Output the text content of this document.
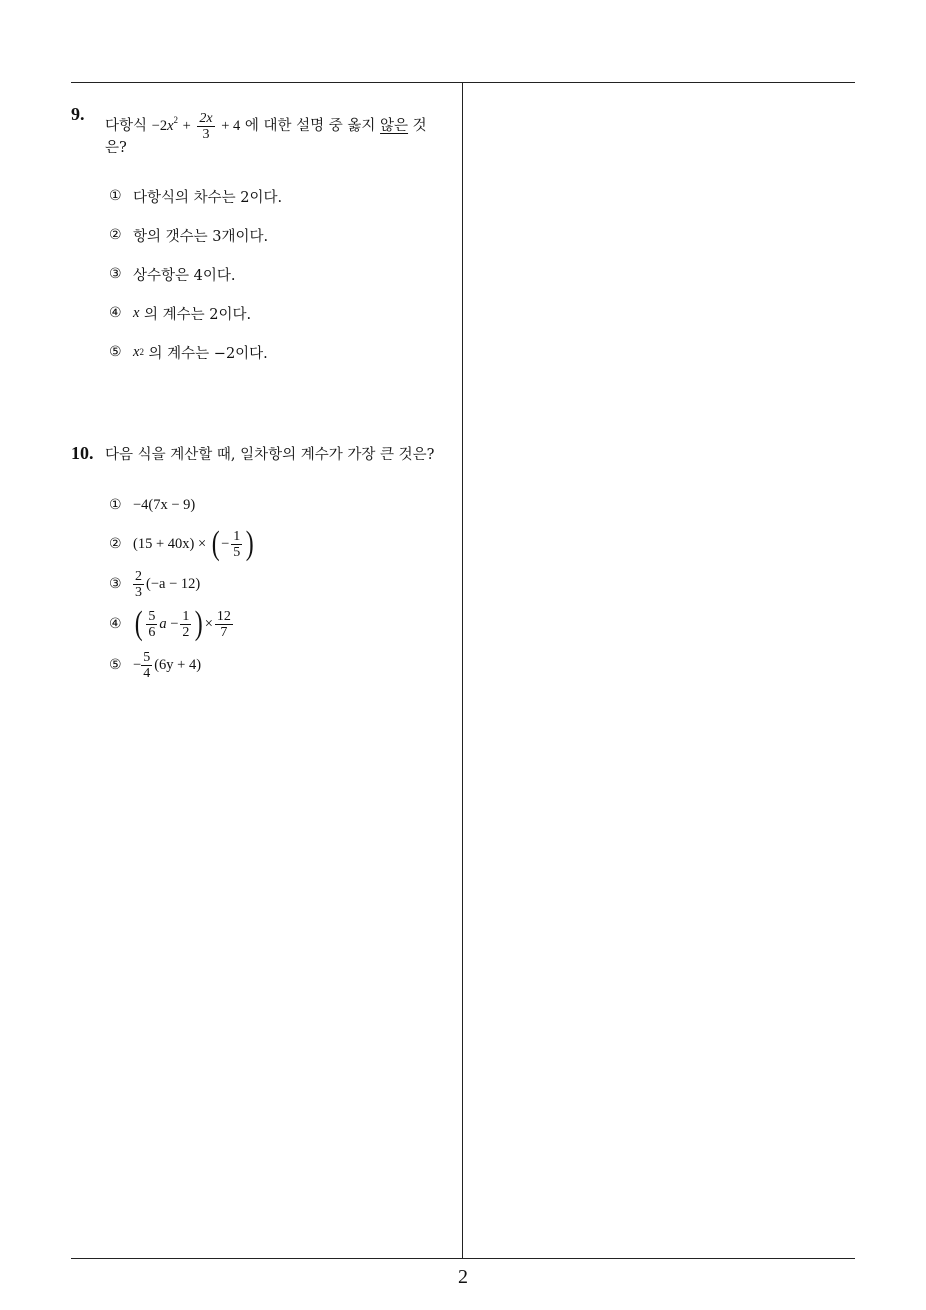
9.
다항식 $-2x^2 + \frac{2x}{3} + 4$ 에 대한 설명 중 옳지 않은 것
은?
① 다항식의 차수는 2이다.
② 항의 갯수는 3개이다.
③ 상수항은 4이다.
④ x
의 계수는 2이다.
⑤ x 2
의 계수는 −2이다.
10. 다음 식을 계산할 때, 일차항의 계수가 가장 큰 것은?
① −4(7x − 9)
② (15 + 40x) ×
( − $\frac{1}{5}$ )
③ $\frac{2}{3} (-a - 12)$
④ ( $\frac{5}{6}$ a
− $\frac{1}{2}$ ) × $\frac{12}{7}$
⑤ − $\frac{5}{4} (6y + 4)$
2
